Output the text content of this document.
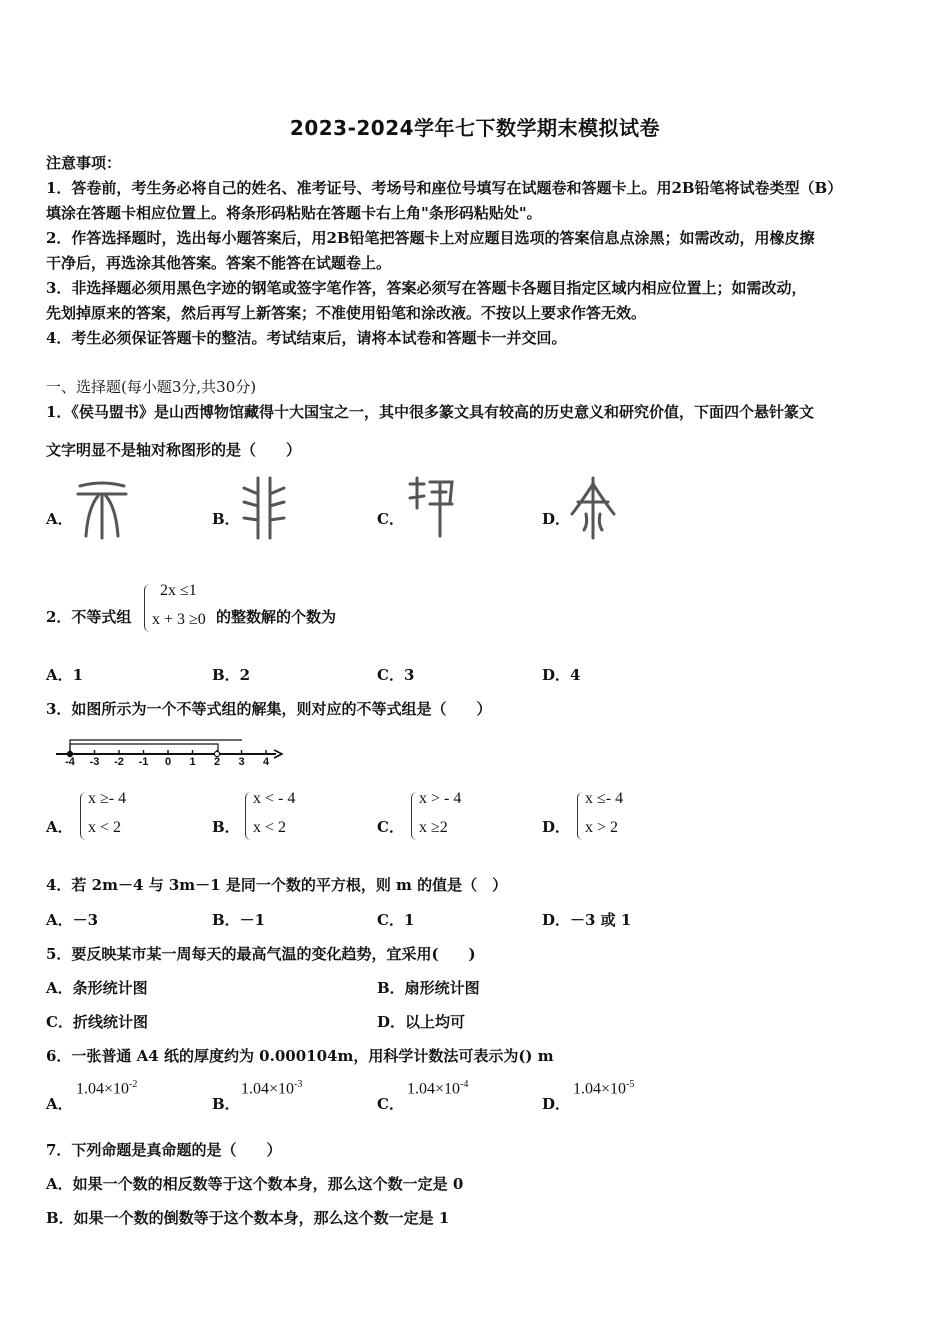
2023-2024学年七下数学期末模拟试卷
注意事项：
1．答卷前，考生务必将自己的姓名、准考证号、考场号和座位号填写在试题卷和答题卡上。用2B铅笔将试卷类型（B）
填涂在答题卡相应位置上。将条形码粘贴在答题卡右上角"条形码粘贴处"。
2．作答选择题时，选出每小题答案后，用2B铅笔把答题卡上对应题目选项的答案信息点涂黑；如需改动，用橡皮擦
干净后，再选涂其他答案。答案不能答在试题卷上。
3．非选择题必须用黑色字迹的钢笔或签字笔作答，答案必须写在答题卡各题目指定区域内相应位置上；如需改动，
先划掉原来的答案，然后再写上新答案；不准使用铅笔和涂改液。不按以上要求作答无效。
4．考生必须保证答题卡的整洁。考试结束后，请将本试卷和答题卡一并交回。
一、选择题(每小题3分,共30分)
1．《侯马盟书》是山西博物馆藏得十大国宝之一，其中很多篆文具有较高的历史意义和研究价值，下面四个悬针篆文
文字明显不是轴对称图形的是（　　）
A．	B．	C．	D．
2．不等式组
2x ≤1
x + 3 ≥0 的整数解的个数为
A．1	B．2	C．3	D．4
3．如图所示为一个不等式组的解集，则对应的不等式组是（　　）
-4 -3 -2 -1 0 1 2 3 4
A．
x ≥- 4
x < 2	B．
x < - 4
x < 2	C．
x > - 4
x ≥2	D．
x ≤- 4
x > 2
4．若 2m－4 与 3m－1 是同一个数的平方根，则 m 的值是（　）
A．－3	B．－1	C．1	D．－3 或 1
5．要反映某市某一周每天的最高气温的变化趋势，宜采用(　　)
A．条形统计图	B．扇形统计图
C．折线统计图	D．以上均可
6．一张普通 A4 纸的厚度约为 0.000104m，用科学计数法可表示为() m
A．
$1.04\times 10^{-2}$
B．
$1.04\times 10^{-3}$
C．
$1.04\times 10^{-4}$
D．
$1.04\times 10^{-5}$
7．下列命题是真命题的是（　　）
A．如果一个数的相反数等于这个数本身，那么这个数一定是 0
B．如果一个数的倒数等于这个数本身，那么这个数一定是 1
